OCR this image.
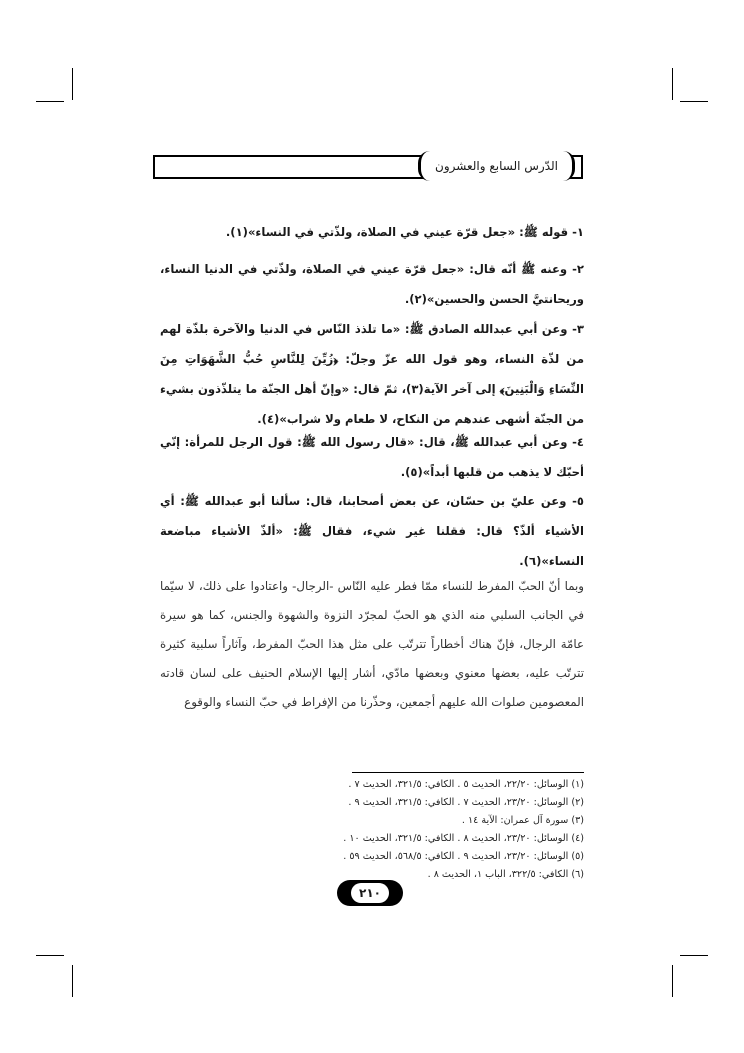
الدّرس السابع والعشرون

١- قوله ﷺ: «جعل قرّة عيني في الصلاة، ولذّتي في النساء»(١).

٢- وعنه ﷺ أنّه قال: «جعل قرّة عيني في الصلاة، ولذّتي في الدنيا النساء، وريحانتيَّ الحسن والحسين»(٢).

٣- وعن أبي عبدالله الصادق ﷺ: «ما تلذذ النّاس في الدنيا والآخرة بلذّة لهم من لذّة النساء، وهو قول الله عزّ وجلّ: ﴿زُيِّنَ لِلنَّاسِ حُبُّ الشَّهَوَاتِ مِنَ النِّسَاءِ وَالْبَنِينَ﴾ إلى آخر الآية(٣)، ثمّ قال: «وإنّ أهل الجنّة ما يتلذّذون بشيء من الجنّة أشهى عندهم من النكاح، لا طعام ولا شراب»(٤).

٤- وعن أبي عبدالله ﷺ، قال: «قال رسول الله ﷺ: قول الرجل للمرأة: إنّي أحبّك لا يذهب من قلبها أبداً»(٥).

٥- وعن عليّ بن حسّان، عن بعض أصحابنا، قال: سألنا أبو عبدالله ﷺ: أي الأشياء ألذّ؟ قال: فقلنا غير شيء، فقال ﷺ: «ألذّ الأشياء مباضعة النساء»(٦).

وبما أنّ الحبّ المفرط للنساء ممّا فطر عليه النّاس -الرجال- واعتادوا على ذلك، لا سيّما في الجانب السلبي منه الذي هو الحبّ لمجرّد النزوة والشهوة والجنس، كما هو سيرة عامّة الرجال، فإنّ هناك أخطاراً تترتّب على مثل هذا الحبّ المفرط، وآثاراً سلبية كثيرة تترتّب عليه، بعضها معنوي وبعضها مادّي، أشار إليها الإسلام الحنيف على لسان قادته المعصومين صلوات الله عليهم أجمعين، وحذّرنا من الإفراط في حبّ النساء والوقوع

(١) الوسائل: ٢٢/٢٠، الحديث ٥ . الكافي: ٣٢١/٥، الحديث ٧ .
(٢) الوسائل: ٢٣/٢٠، الحديث ٧ . الكافي: ٣٢١/٥، الحديث ٩ .
(٣) سورة آل عمران: الآية ١٤ .
(٤) الوسائل: ٢٣/٢٠، الحديث ٨ . الكافي: ٣٢١/٥، الحديث ١٠ .
(٥) الوسائل: ٢٣/٢٠، الحديث ٩ . الكافي: ٥٦٨/٥، الحديث ٥٩ .
(٦) الكافي: ٣٢٢/٥، الباب ١، الحديث ٨ .
٢١٠
